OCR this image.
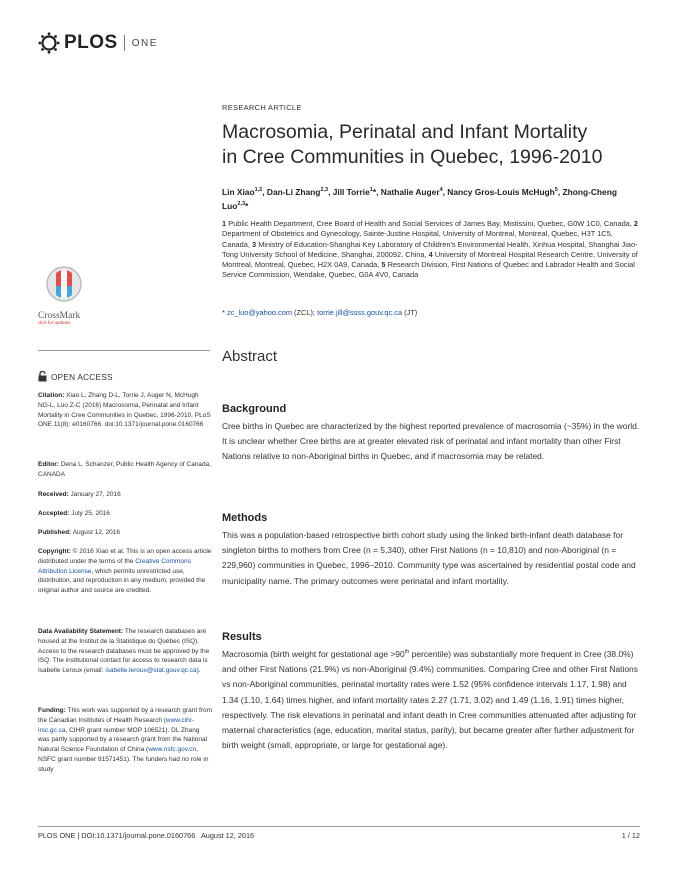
PLOS ONE
RESEARCH ARTICLE
Macrosomia, Perinatal and Infant Mortality
in Cree Communities in Quebec, 1996-2010
Lin Xiao$^{1,2}$, Dan-Li Zhang$^{2,3}$, Jill Torrie$^1$*, Nathalie Auger$^4$, Nancy Gros-Louis McHugh$^5$, Zhong-Cheng Luo$^{2,3}$*
1 Public Health Department, Cree Board of Health and Social Services of James Bay, Mistissini, Quebec, G0W 1C0, Canada, 2 Department of Obstetrics and Gynecology, Sainte-Justine Hospital, University of Montreal, Montreal, Quebec, H3T 1C5, Canada, 3 Ministry of Education-Shanghai Key Laboratory of Children's Environmental Health, Xinhua Hospital, Shanghai Jiao-Tong University School of Medicine, Shanghai, 200092, China, 4 University of Montreal Hospital Research Centre, University of Montreal, Montreal, Quebec, H2X 0A9, Canada, 5 Research Division, First Nations of Quebec and Labrador Health and Social Service Commission, Wendake, Quebec, G0A 4V0, Canada
* zc_luo@yahoo.com (ZCL); torrie.jill@ssss.gouv.qc.ca (JT)
CrossMark
click for updates
OPEN ACCESS
Citation: Xiao L, Zhang D-L, Torrie J, Auger N, McHugh NG-L, Luo Z-C (2016) Macrosomia, Perinatal and Infant Mortality in Cree Communities in Quebec, 1996-2010. PLoS ONE 11(8): e0160766. doi:10.1371/journal.pone.0160766
Editor: Dena L. Schanzer, Public Health Agency of Canada, CANADA
Received: January 27, 2016
Accepted: July 25, 2016
Published: August 12, 2016
Copyright: © 2016 Xiao et al. This is an open access article distributed under the terms of the Creative Commons Attribution License, which permits unrestricted use, distribution, and reproduction in any medium, provided the original author and source are credited.
Data Availability Statement: The research databases are housed at the Institut de la Statistique du Québec (ISQ). Access to the research databases must be approved by the ISQ. The institutional contact for access to research data is Isabelle Leroux (email: isabelle.leroux@stat.gouv.qc.ca).
Funding: This work was supported by a research grant from the Canadian Institutes of Health Research (www.cihr-irsc.gc.ca, CIHR grant number MOP 106521). DL Zhang was partly supported by a research grant from the National Natural Science Foundation of China (www.nsfc.gov.cn, NSFC grant number 81571451). The funders had no role in study
Abstract
Background

Cree births in Quebec are characterized by the highest reported prevalence of macrosomia (~35%) in the world. It is unclear whether Cree births are at greater elevated risk of perinatal and infant mortality than other First Nations relative to non-Aboriginal births in Quebec, and if macrosomia may be related.

Methods

This was a population-based retrospective birth cohort study using the linked birth-infant death database for singleton births to mothers from Cree (n = 5,340), other First Nations (n = 10,810) and non-Aboriginal (n = 229,960) communities in Quebec, 1996–2010. Community type was ascertained by residential postal code and municipality name. The primary outcomes were perinatal and infant mortality.

Results

Macrosomia (birth weight for gestational age >90th percentile) was substantially more frequent in Cree (38.0%) and other First Nations (21.9%) vs non-Aboriginal (9.4%) communities. Comparing Cree and other First Nations vs non-Aboriginal communities, perinatal mortality rates were 1.52 (95% confidence intervals 1.17, 1.98) and 1.34 (1.10, 1.64) times higher, and infant mortality rates 2.27 (1.71, 3.02) and 1.49 (1.16, 1.91) times higher, respectively. The risk elevations in perinatal and infant death in Cree communities attenuated after adjusting for maternal characteristics (age, education, marital status, parity), but became greater after further adjustment for birth weight (small, appropriate, or large for gestational age).

PLOS ONE | DOI:10.1371/journal.pone.0160766   August 12, 2016	1 / 12
